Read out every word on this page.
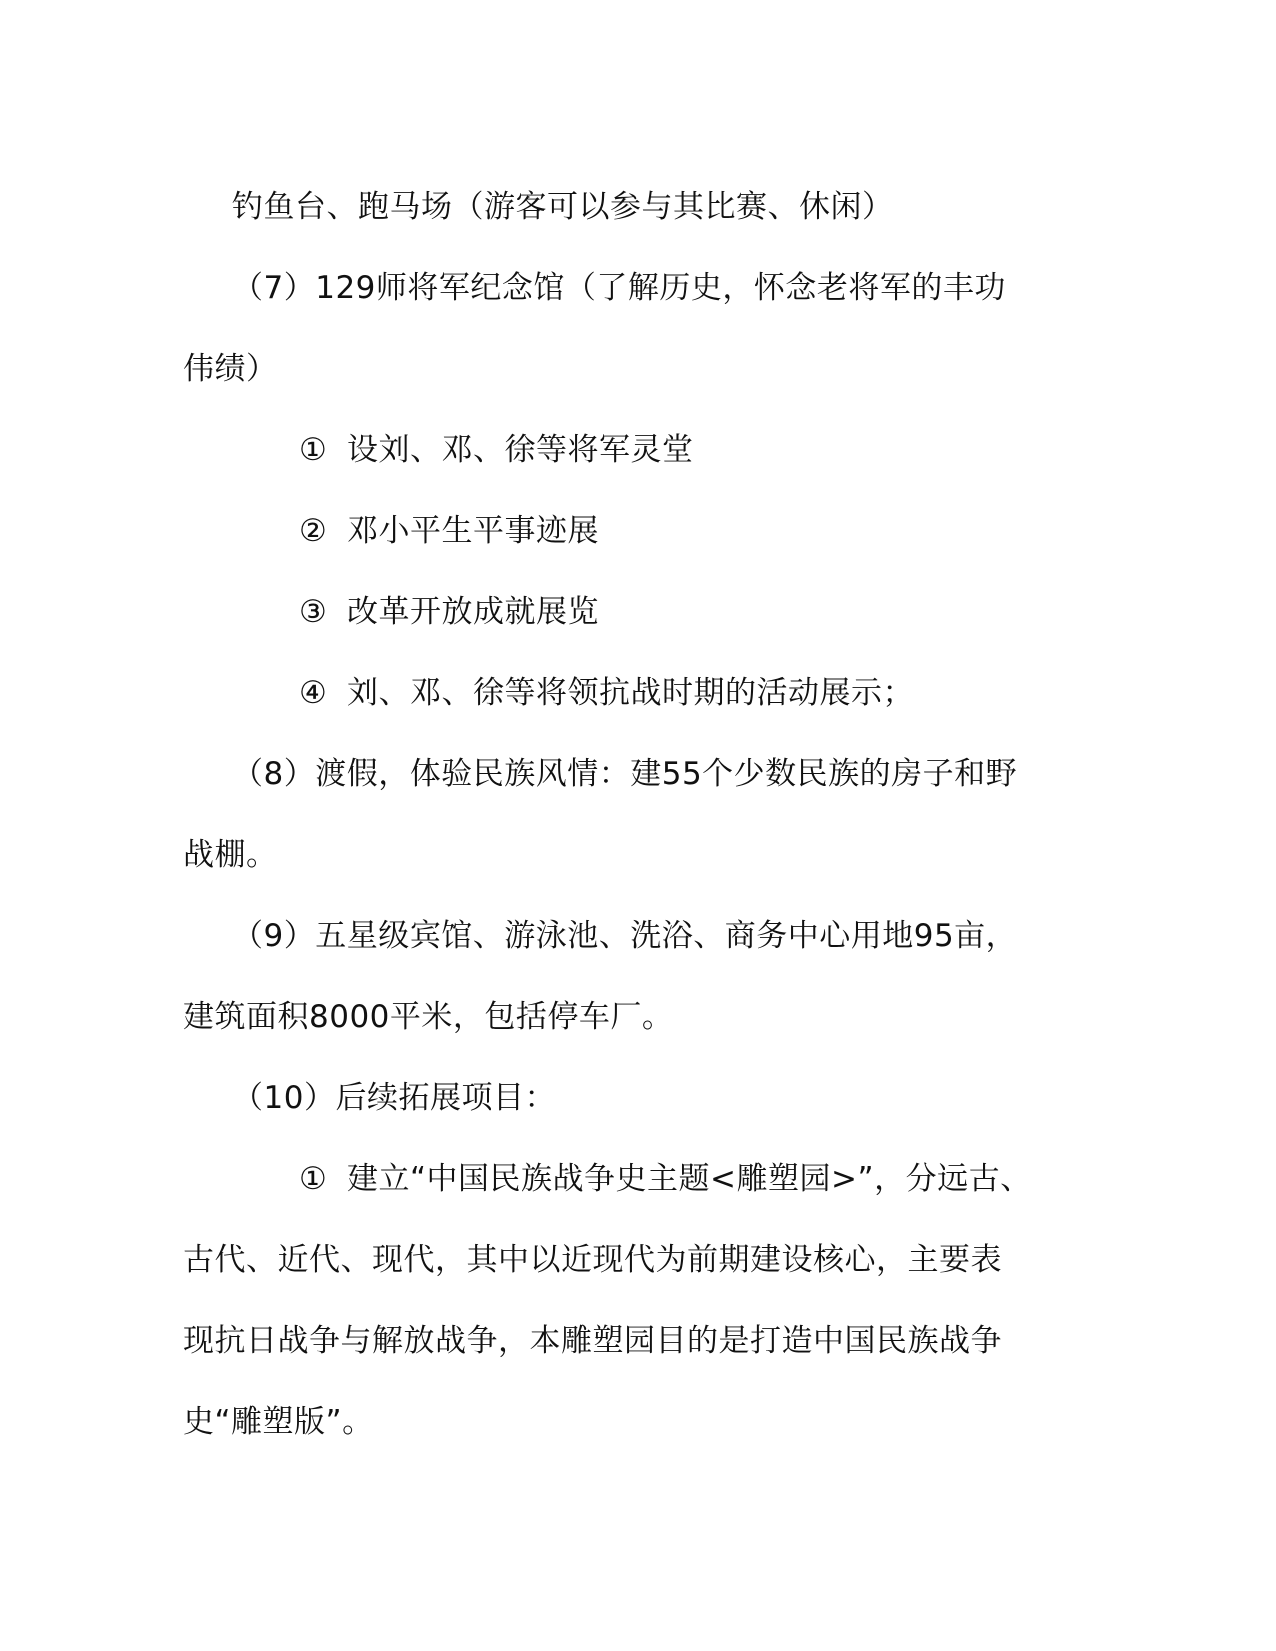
钓鱼台、跑马场（游客可以参与其比赛、休闲）
（7）129师将军纪念馆（了解历史，怀念老将军的丰功
伟绩）
① 设刘、邓、徐等将军灵堂
② 邓小平生平事迹展
③ 改革开放成就展览
④ 刘、邓、徐等将领抗战时期的活动展示；
（8）渡假，体验民族风情：建55个少数民族的房子和野
战棚。
（9）五星级宾馆、游泳池、洗浴、商务中心用地95亩，
建筑面积8000平米，包括停车厂。
（10）后续拓展项目：
① 建立“中国民族战争史主题<雕塑园>”，分远古、
古代、近代、现代，其中以近现代为前期建设核心，主要表
现抗日战争与解放战争，本雕塑园目的是打造中国民族战争
史“雕塑版”。
